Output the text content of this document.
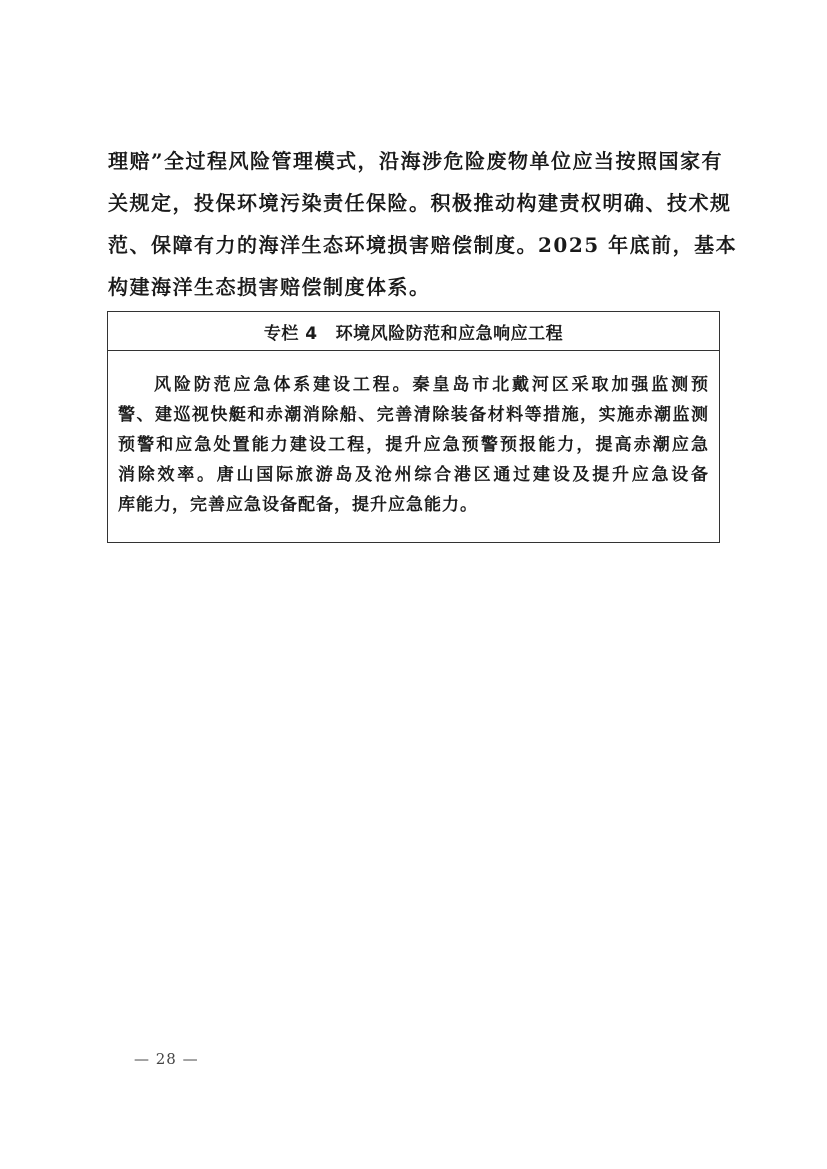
理赔”全过程风险管理模式，沿海涉危险废物单位应当按照国家有
关规定，投保环境污染责任保险。积极推动构建责权明确、技术规
范、保障有力的海洋生态环境损害赔偿制度。2025 年底前，基本
构建海洋生态损害赔偿制度体系。
专栏 4 环境风险防范和应急响应工程
风险防范应急体系建设工程。秦皇岛市北戴河区采取加强监测预
警、建巡视快艇和赤潮消除船、完善清除装备材料等措施，实施赤潮监测
预警和应急处置能力建设工程，提升应急预警预报能力，提高赤潮应急
消除效率。唐山国际旅游岛及沧州综合港区通过建设及提升应急设备
库能力，完善应急设备配备，提升应急能力。
— 28 —
